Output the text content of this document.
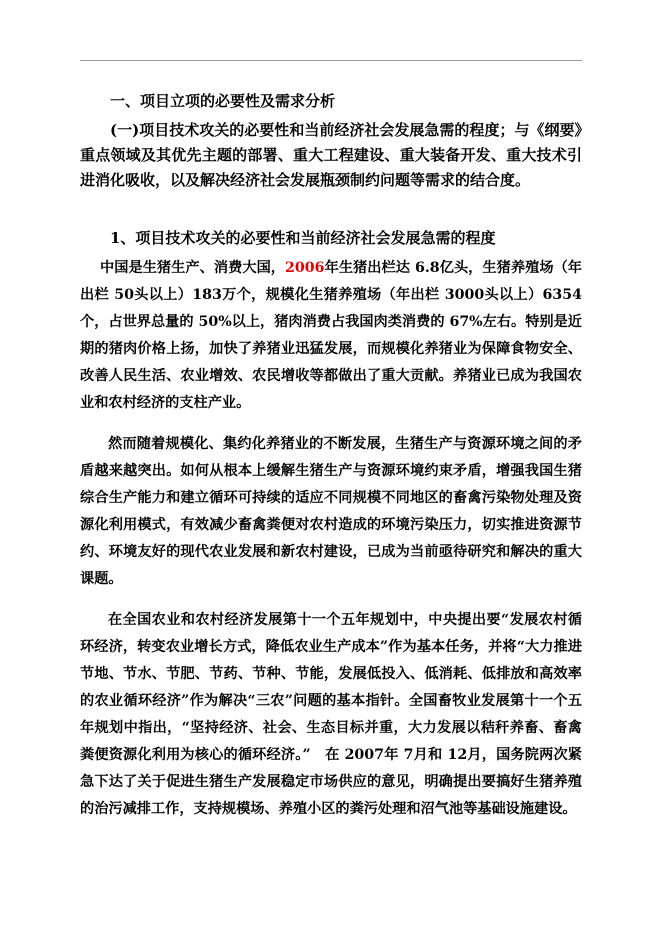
一、项目立项的必要性及需求分析

(一)项目技术攻关的必要性和当前经济社会发展急需的程度；与《纲要》重点领域及其优先主题的部署、重大工程建设、重大装备开发、重大技术引进消化吸收，以及解决经济社会发展瓶颈制约问题等需求的结合度。

1、项目技术攻关的必要性和当前经济社会发展急需的程度

中国是生猪生产、消费大国，2006年生猪出栏达 6.8亿头，生猪养殖场（年出栏 50头以上）183万个，规模化生猪养殖场（年出栏 3000头以上）6354个，占世界总量的 50%以上，猪肉消费占我国肉类消费的 67%左右。特别是近期的猪肉价格上扬，加快了养猪业迅猛发展，而规模化养猪业为保障食物安全、改善人民生活、农业增效、农民增收等都做出了重大贡献。养猪业已成为我国农业和农村经济的支柱产业。

然而随着规模化、集约化养猪业的不断发展，生猪生产与资源环境之间的矛盾越来越突出。如何从根本上缓解生猪生产与资源环境约束矛盾，增强我国生猪综合生产能力和建立循环可持续的适应不同规模不同地区的畜禽污染物处理及资源化利用模式，有效减少畜禽粪便对农村造成的环境污染压力，切实推进资源节约、环境友好的现代农业发展和新农村建设，已成为当前亟待研究和解决的重大课题。

在全国农业和农村经济发展第十一个五年规划中，中央提出要“发展农村循环经济，转变农业增长方式，降低农业生产成本”作为基本任务，并将“大力推进节地、节水、节肥、节药、节种、节能，发展低投入、低消耗、低排放和高效率的农业循环经济”作为解决“三农”问题的基本指针。全国畜牧业发展第十一个五年规划中指出，“坚持经济、社会、生态目标并重，大力发展以秸秆养畜、畜禽粪便资源化利用为核心的循环经济。”　在 2007年 7月和 12月，国务院两次紧急下达了关于促进生猪生产发展稳定市场供应的意见，明确提出要搞好生猪养殖的治污减排工作，支持规模场、养殖小区的粪污处理和沼气池等基础设施建设。
